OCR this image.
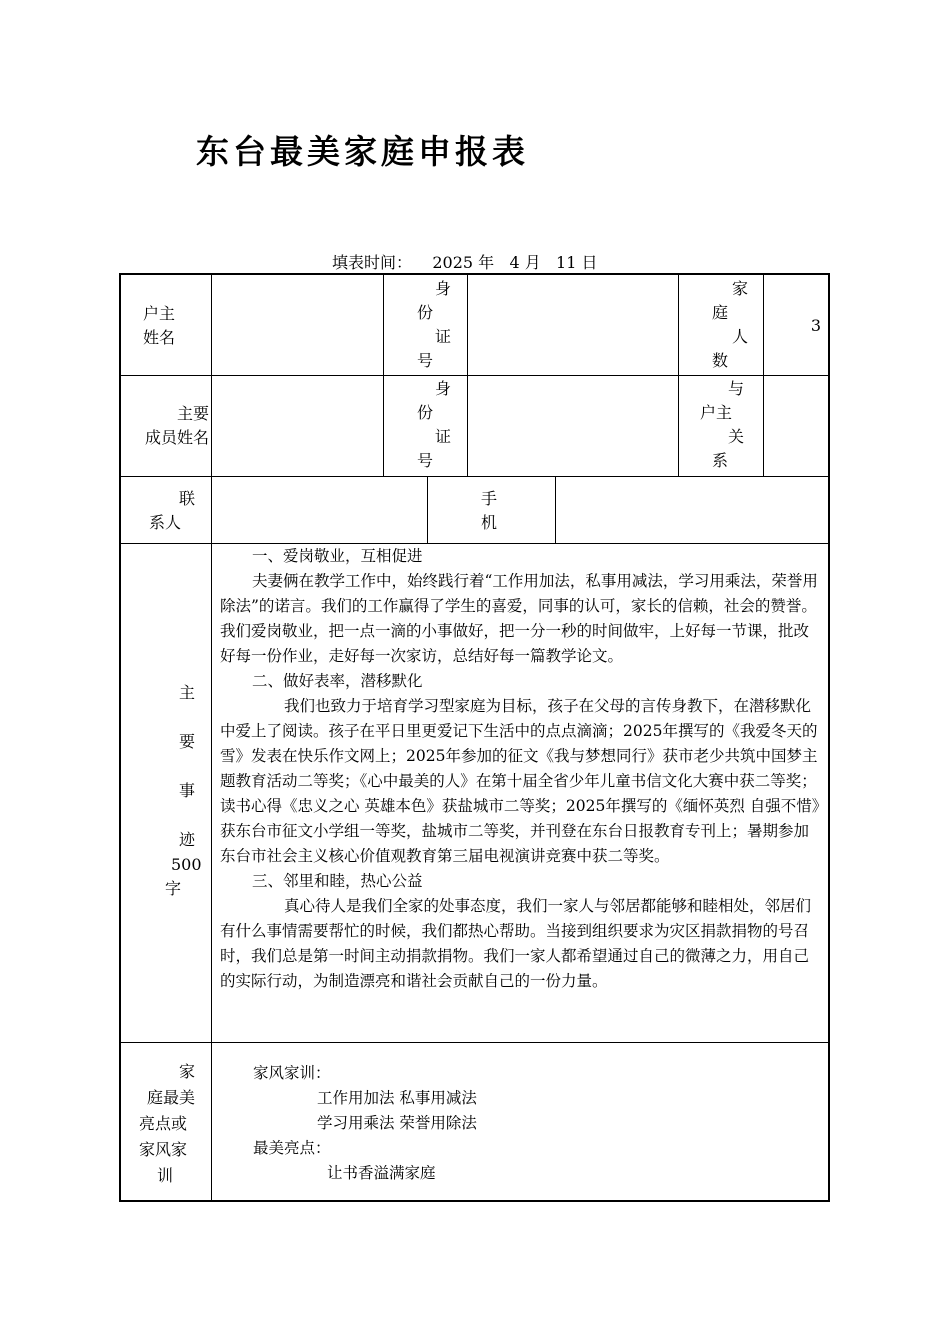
东台最美家庭申报表
填表时间： 2025 年 4 月 11 日
户主
姓名
身
份
证
号
家
庭
人
数
3
主要
成员姓名
身
份
证
号
与
户主
关
系
联
系人
手
机
主
要
事
迹
500
字

一、爱岗敬业，互相促进

夫妻俩在教学工作中，始终践行着“工作用加法，私事用减法，学习用乘法，荣誉用除法”的诺言。我们的工作赢得了学生的喜爱，同事的认可，家长的信赖，社会的赞誉。我们爱岗敬业，把一点一滴的小事做好，把一分一秒的时间做牢，上好每一节课，批改好每一份作业，走好每一次家访，总结好每一篇教学论文。

二、做好表率，潜移默化

我们也致力于培育学习型家庭为目标，孩子在父母的言传身教下，在潜移默化中爱上了阅读。孩子在平日里更爱记下生活中的点点滴滴；2025年撰写的《我爱冬天的雪》发表在快乐作文网上；2025年参加的征文《我与梦想同行》获市老少共筑中国梦主题教育活动二等奖；《心中最美的人》在第十届全省少年儿童书信文化大赛中获二等奖；读书心得《忠义之心 英雄本色》获盐城市二等奖；2025年撰写的《缅怀英烈 自强不惜》获东台市征文小学组一等奖，盐城市二等奖，并刊登在东台日报教育专刊上；暑期参加东台市社会主义核心价值观教育第三届电视演讲竞赛中获二等奖。

三、邻里和睦，热心公益

真心待人是我们全家的处事态度，我们一家人与邻居都能够和睦相处，邻居们有什么事情需要帮忙的时候，我们都热心帮助。当接到组织要求为灾区捐款捐物的号召时，我们总是第一时间主动捐款捐物。我们一家人都希望通过自己的微薄之力，用自己的实际行动，为制造漂亮和谐社会贡献自己的一份力量。

家
庭最美
亮点或
家风家
训
家风家训：
工作用加法 私事用减法
学习用乘法 荣誉用除法
最美亮点：
让书香溢满家庭
